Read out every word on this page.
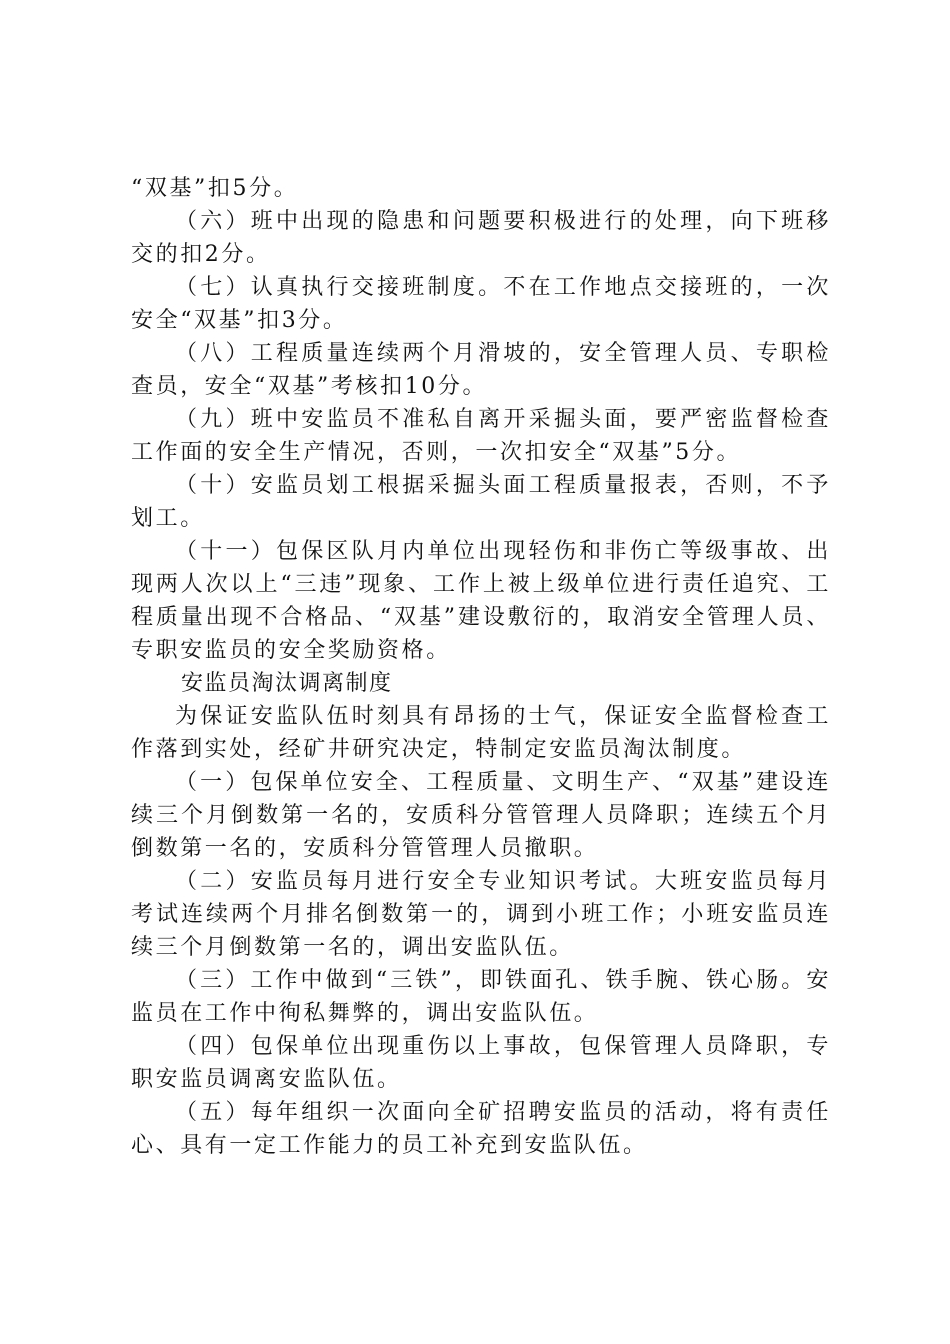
“双基”扣5分。

（六）班中出现的隐患和问题要积极进行的处理，向下班移交的扣2分。

（七）认真执行交接班制度。不在工作地点交接班的，一次安全“双基”扣3分。

（八）工程质量连续两个月滑坡的，安全管理人员、专职检查员，安全“双基”考核扣10分。

（九）班中安监员不准私自离开采掘头面，要严密监督检查工作面的安全生产情况，否则，一次扣安全“双基”5分。

（十）安监员划工根据采掘头面工程质量报表，否则，不予划工。

（十一）包保区队月内单位出现轻伤和非伤亡等级事故、出现两人次以上“三违”现象、工作上被上级单位进行责任追究、工程质量出现不合格品、“双基”建设敷衍的，取消安全管理人员、专职安监员的安全奖励资格。

安监员淘汰调离制度

为保证安监队伍时刻具有昂扬的士气，保证安全监督检查工作落到实处，经矿井研究决定，特制定安监员淘汰制度。

（一）包保单位安全、工程质量、文明生产、“双基”建设连续三个月倒数第一名的，安质科分管管理人员降职；连续五个月倒数第一名的，安质科分管管理人员撤职。

（二）安监员每月进行安全专业知识考试。大班安监员每月考试连续两个月排名倒数第一的，调到小班工作；小班安监员连续三个月倒数第一名的，调出安监队伍。

（三）工作中做到“三铁”，即铁面孔、铁手腕、铁心肠。安监员在工作中徇私舞弊的，调出安监队伍。

（四）包保单位出现重伤以上事故，包保管理人员降职，专职安监员调离安监队伍。

（五）每年组织一次面向全矿招聘安监员的活动，将有责任心、具有一定工作能力的员工补充到安监队伍。
